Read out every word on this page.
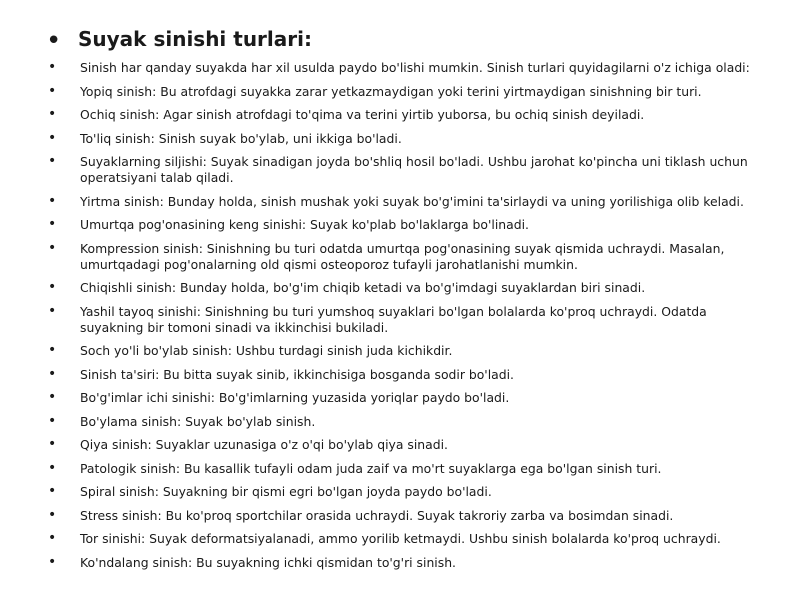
• Suyak sinishi turlari:
•	Sinish har qanday suyakda har xil usulda paydo bo'lishi mumkin. Sinish turlari quyidagilarni o'z ichiga oladi:
•	Yopiq sinish: Bu atrofdagi suyakka zarar yetkazmaydigan yoki terini yirtmaydigan sinishning bir turi.
•	Ochiq sinish: Agar sinish atrofdagi to'qima va terini yirtib yuborsa, bu ochiq sinish deyiladi.
•	To'liq sinish: Sinish suyak bo'ylab, uni ikkiga bo'ladi.
•	Suyaklarning siljishi: Suyak sinadigan joyda bo'shliq hosil bo'ladi. Ushbu jarohat ko'pincha uni tiklash uchun operatsiyani talab qiladi.
•	Yirtma sinish: Bunday holda, sinish mushak yoki suyak bo'g'imini ta'sirlaydi va uning yorilishiga olib keladi.
•	Umurtqa pog'onasining keng sinishi: Suyak ko'plab bo'laklarga bo'linadi.
•	Kompression sinish: Sinishning bu turi odatda umurtqa pog'onasining suyak qismida uchraydi. Masalan, umurtqadagi pog'onalarning old qismi osteoporoz tufayli jarohatlanishi mumkin.
•	Chiqishli sinish: Bunday holda, bo'g'im chiqib ketadi va bo'g'imdagi suyaklardan biri sinadi.
•	Yashil tayoq sinishi: Sinishning bu turi yumshoq suyaklari bo'lgan bolalarda ko'proq uchraydi. Odatda suyakning bir tomoni sinadi va ikkinchisi bukiladi.
•	Soch yo'li bo'ylab sinish: Ushbu turdagi sinish juda kichikdir.
•	Sinish ta'siri: Bu bitta suyak sinib, ikkinchisiga bosganda sodir bo'ladi.
•	Bo'g'imlar ichi sinishi: Bo'g'imlarning yuzasida yoriqlar paydo bo'ladi.
•	Bo'ylama sinish: Suyak bo'ylab sinish.
•	Qiya sinish: Suyaklar uzunasiga o'z o'qi bo'ylab qiya sinadi.
•	Patologik sinish: Bu kasallik tufayli odam juda zaif va mo'rt suyaklarga ega bo'lgan sinish turi.
•	Spiral sinish: Suyakning bir qismi egri bo'lgan joyda paydo bo'ladi.
•	Stress sinish: Bu ko'proq sportchilar orasida uchraydi. Suyak takroriy zarba va bosimdan sinadi.
•	Tor sinishi: Suyak deformatsiyalanadi, ammo yorilib ketmaydi. Ushbu sinish bolalarda ko'proq uchraydi.
•	Ko'ndalang sinish: Bu suyakning ichki qismidan to'g'ri sinish.
